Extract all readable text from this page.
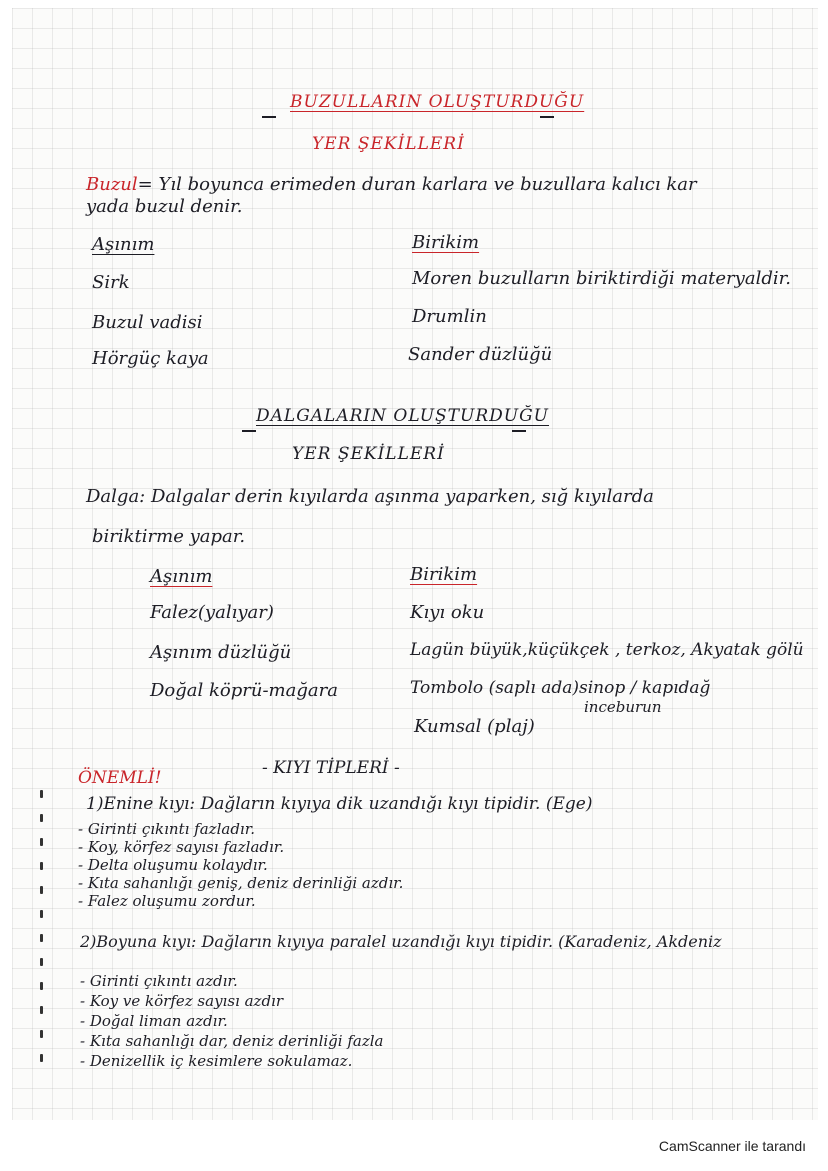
BUZULLARIN OLUŞTURDUĞU
YER ŞEKİLLERİ
Buzul= Yıl boyunca erimeden duran karlara ve buzullara kalıcı kar
yada buzul denir.
Aşınım	Birikim
Sirk
Buzul vadisi
Hörgüç kaya
Moren buzulların biriktirdiği materyaldir.
Drumlin
Sander düzlüğü
DALGALARIN OLUŞTURDUĞU
YER ŞEKİLLERİ
Dalga: Dalgalar derin kıyılarda aşınma yaparken, sığ kıyılarda
biriktirme yapar.
Aşınım	Birikim
Falez(yalıyar)
Aşınım düzlüğü
Doğal köprü-mağara
Kıyı oku
Lagün büyük,küçükçek , terkoz, Akyatak gölü
Tombolo (saplı ada)sinop / kapıdağ
inceburun
Kumsal (plaj)
- KIYI TİPLERİ -
ÖNEMLİ!
1)Enine kıyı: Dağların kıyıya dik uzandığı kıyı tipidir. (Ege)
- Girinti çıkıntı fazladır.
- Koy, körfez sayısı fazladır.
- Delta oluşumu kolaydır.
- Kıta sahanlığı geniş, deniz derinliği azdır.
- Falez oluşumu zordur.
2)Boyuna kıyı: Dağların kıyıya paralel uzandığı kıyı tipidir. (Karadeniz, Akdeniz
- Girinti çıkıntı azdır.
- Koy ve körfez sayısı azdır
- Doğal liman azdır.
- Kıta sahanlığı dar, deniz derinliği fazla
- Denizellik iç kesimlere sokulamaz.
CamScanner ile tarandı
